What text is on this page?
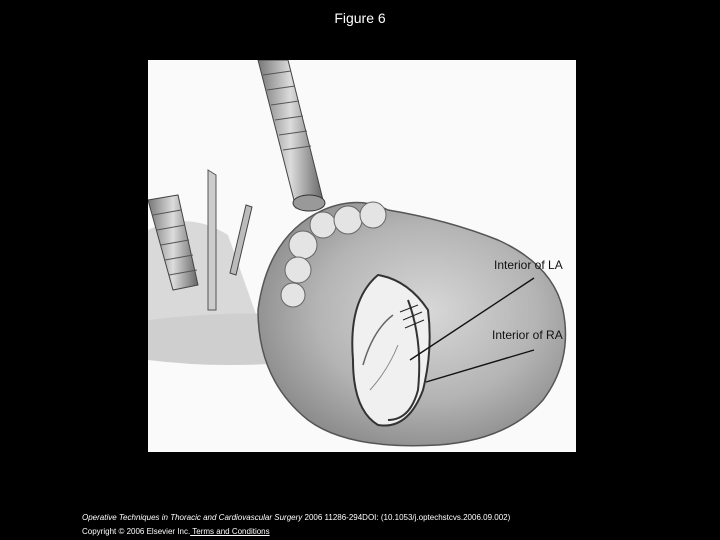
Figure 6
Interior of LA
Interior of RA
Operative Techniques in Thoracic and Cardiovascular Surgery 2006 11286-294DOI: (10.1053/j.optechstcvs.2006.09.002)
Copyright © 2006 Elsevier Inc. Terms and Conditions
